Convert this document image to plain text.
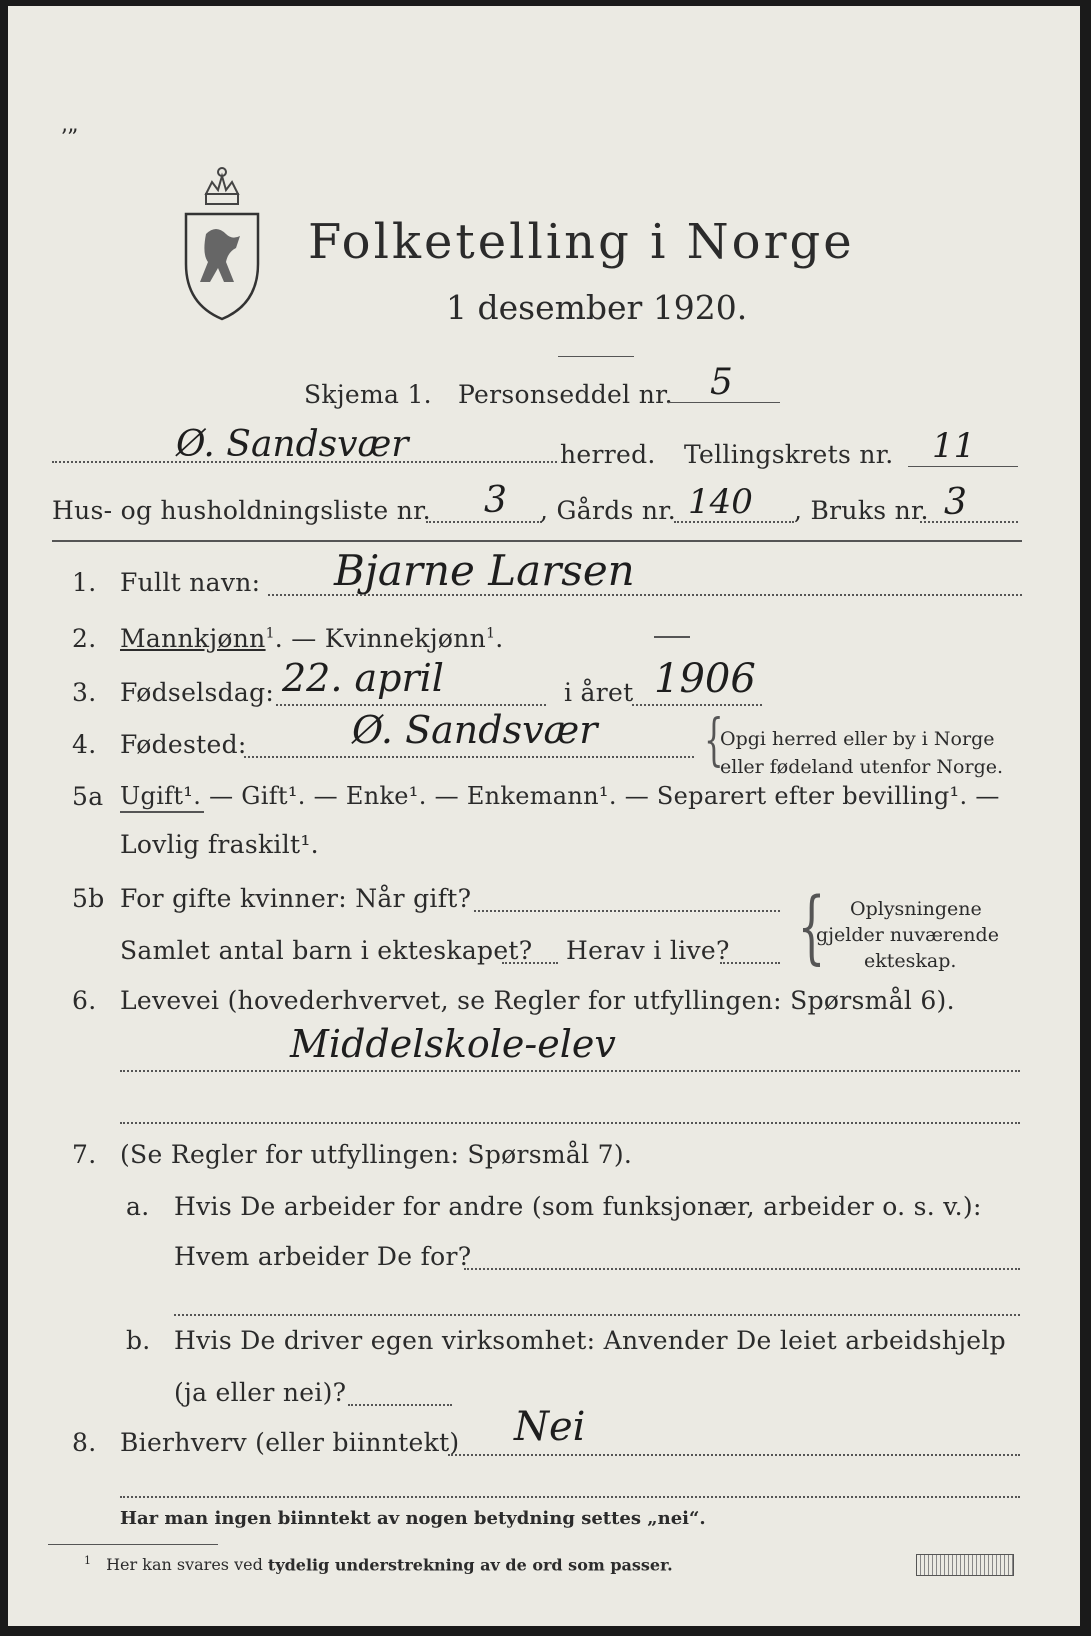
ʼ”
Folketelling i Norge
1 desember 1920.
Skjema 1. Personseddel nr. 5
Ø. Sandsvær	herred. Tellingskrets nr. 11
Hus- og husholdningsliste nr. 3 , Gårds nr. 140 , Bruks nr. 3
1. Fullt navn: Bjarne Larsen
2. Mannkjønn$^1$. — Kvinnekjønn$^1$.
3. Fødselsdag: 22. april	i året 1906
4. Fødested:	Ø. Sandsvær {
Opgi herred eller by i Norge
eller fødeland utenfor Norge.
5a Ugift¹. — Gift¹. — Enke¹. — Enkemann¹. — Separert efter bevilling¹. —
Lovlig fraskilt¹.
5b For gifte kvinner: Når gift?
Samlet antal barn i ekteskapet? Herav i live? { Oplysningene
gjelder nuværende
ekteskap.
6. Levevei (hovederhvervet, se Regler for utfyllingen: Spørsmål 6).
Middelskole-elev
7. (Se Regler for utfyllingen: Spørsmål 7).
a. Hvis De arbeider for andre (som funksjonær, arbeider o. s. v.):
Hvem arbeider De for?
b. Hvis De driver egen virksomhet: Anvender De leiet arbeidshjelp
(ja eller nei)?
8. Bierhverv (eller biinntekt) Nei
Har man ingen biinntekt av nogen betydning settes „nei“.
$^1$ Her kan svares ved tydelig understrekning av de ord som passer.
